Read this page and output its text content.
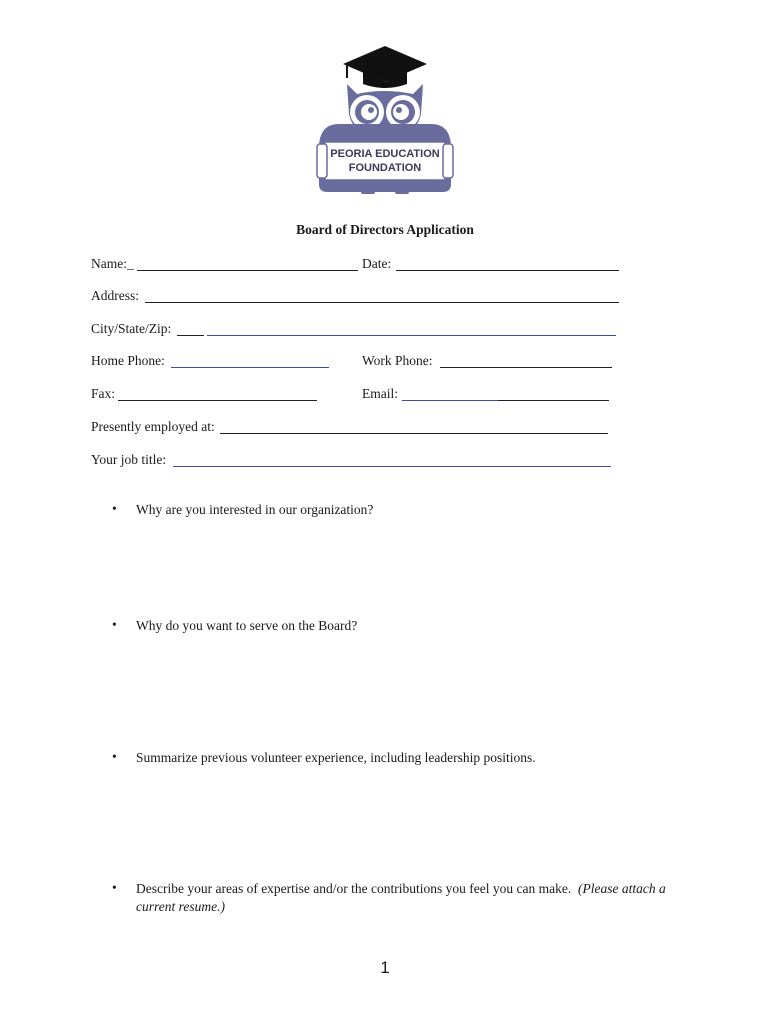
PEORIA EDUCATION
FOUNDATION
Board of Directors Application
Name:_	Date:
Address:
City/State/Zip:
Home Phone:	Work Phone:
Fax:	Email:
Presently employed at:
Your job title:
• Why are you interested in our organization?
• Why do you want to serve on the Board?
• Summarize previous volunteer experience, including leadership positions.
• Describe your areas of expertise and/or the contributions you feel you can make. (Please attach a current resume.)
1
